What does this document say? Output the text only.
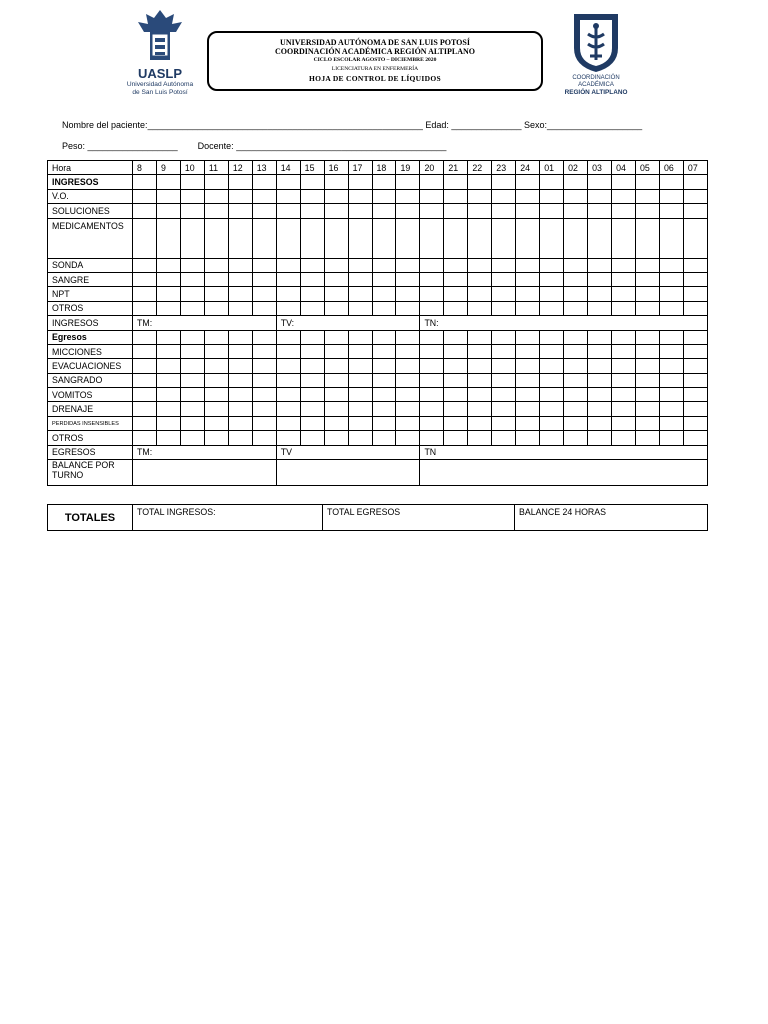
UASLP
Universidad Autónoma
de San Luis Potosí
UNIVERSIDAD AUTÓNOMA DE SAN LUIS POTOSÍ
COORDINACIÓN ACADÉMICA REGIÓN ALTIPLANO
CICLO ESCOLAR AGOSTO – DICIEMBRE 2020
LICENCIATURA EN ENFERMERÍA
HOJA DE CONTROL DE LÍQUIDOS	COORDINACIÓN
ACADÉMICA
REGIÓN ALTIPLANO
Nombre del paciente:_______________________________________________________ Edad: ______________ Sexo:___________________
Peso: __________________ Docente: __________________________________________
Hora	8	9	10	11	12	13	14	15	16	17	18	19	20	21	22	23	24	01	02	03	04	05	06	07
INGRESOS																								
V.O.																								
SOLUCIONES																								
MEDICAMENTOS																								
SONDA																								
SANGRE																								
NPT																								
OTROS																								
INGRESOS	TM:						TV:						TN:											
Egresos																								
MICCIONES																								
EVACUACIONES																								
SANGRADO																								
VOMITOS																								
DRENAJE																								
PERDIDAS INSENSIBLES																								
OTROS																								
EGRESOS	TM:						TV						TN											
BALANCE POR TURNO																								
TOTALES	TOTAL INGRESOS:	TOTAL EGRESOS	BALANCE 24 HORAS
